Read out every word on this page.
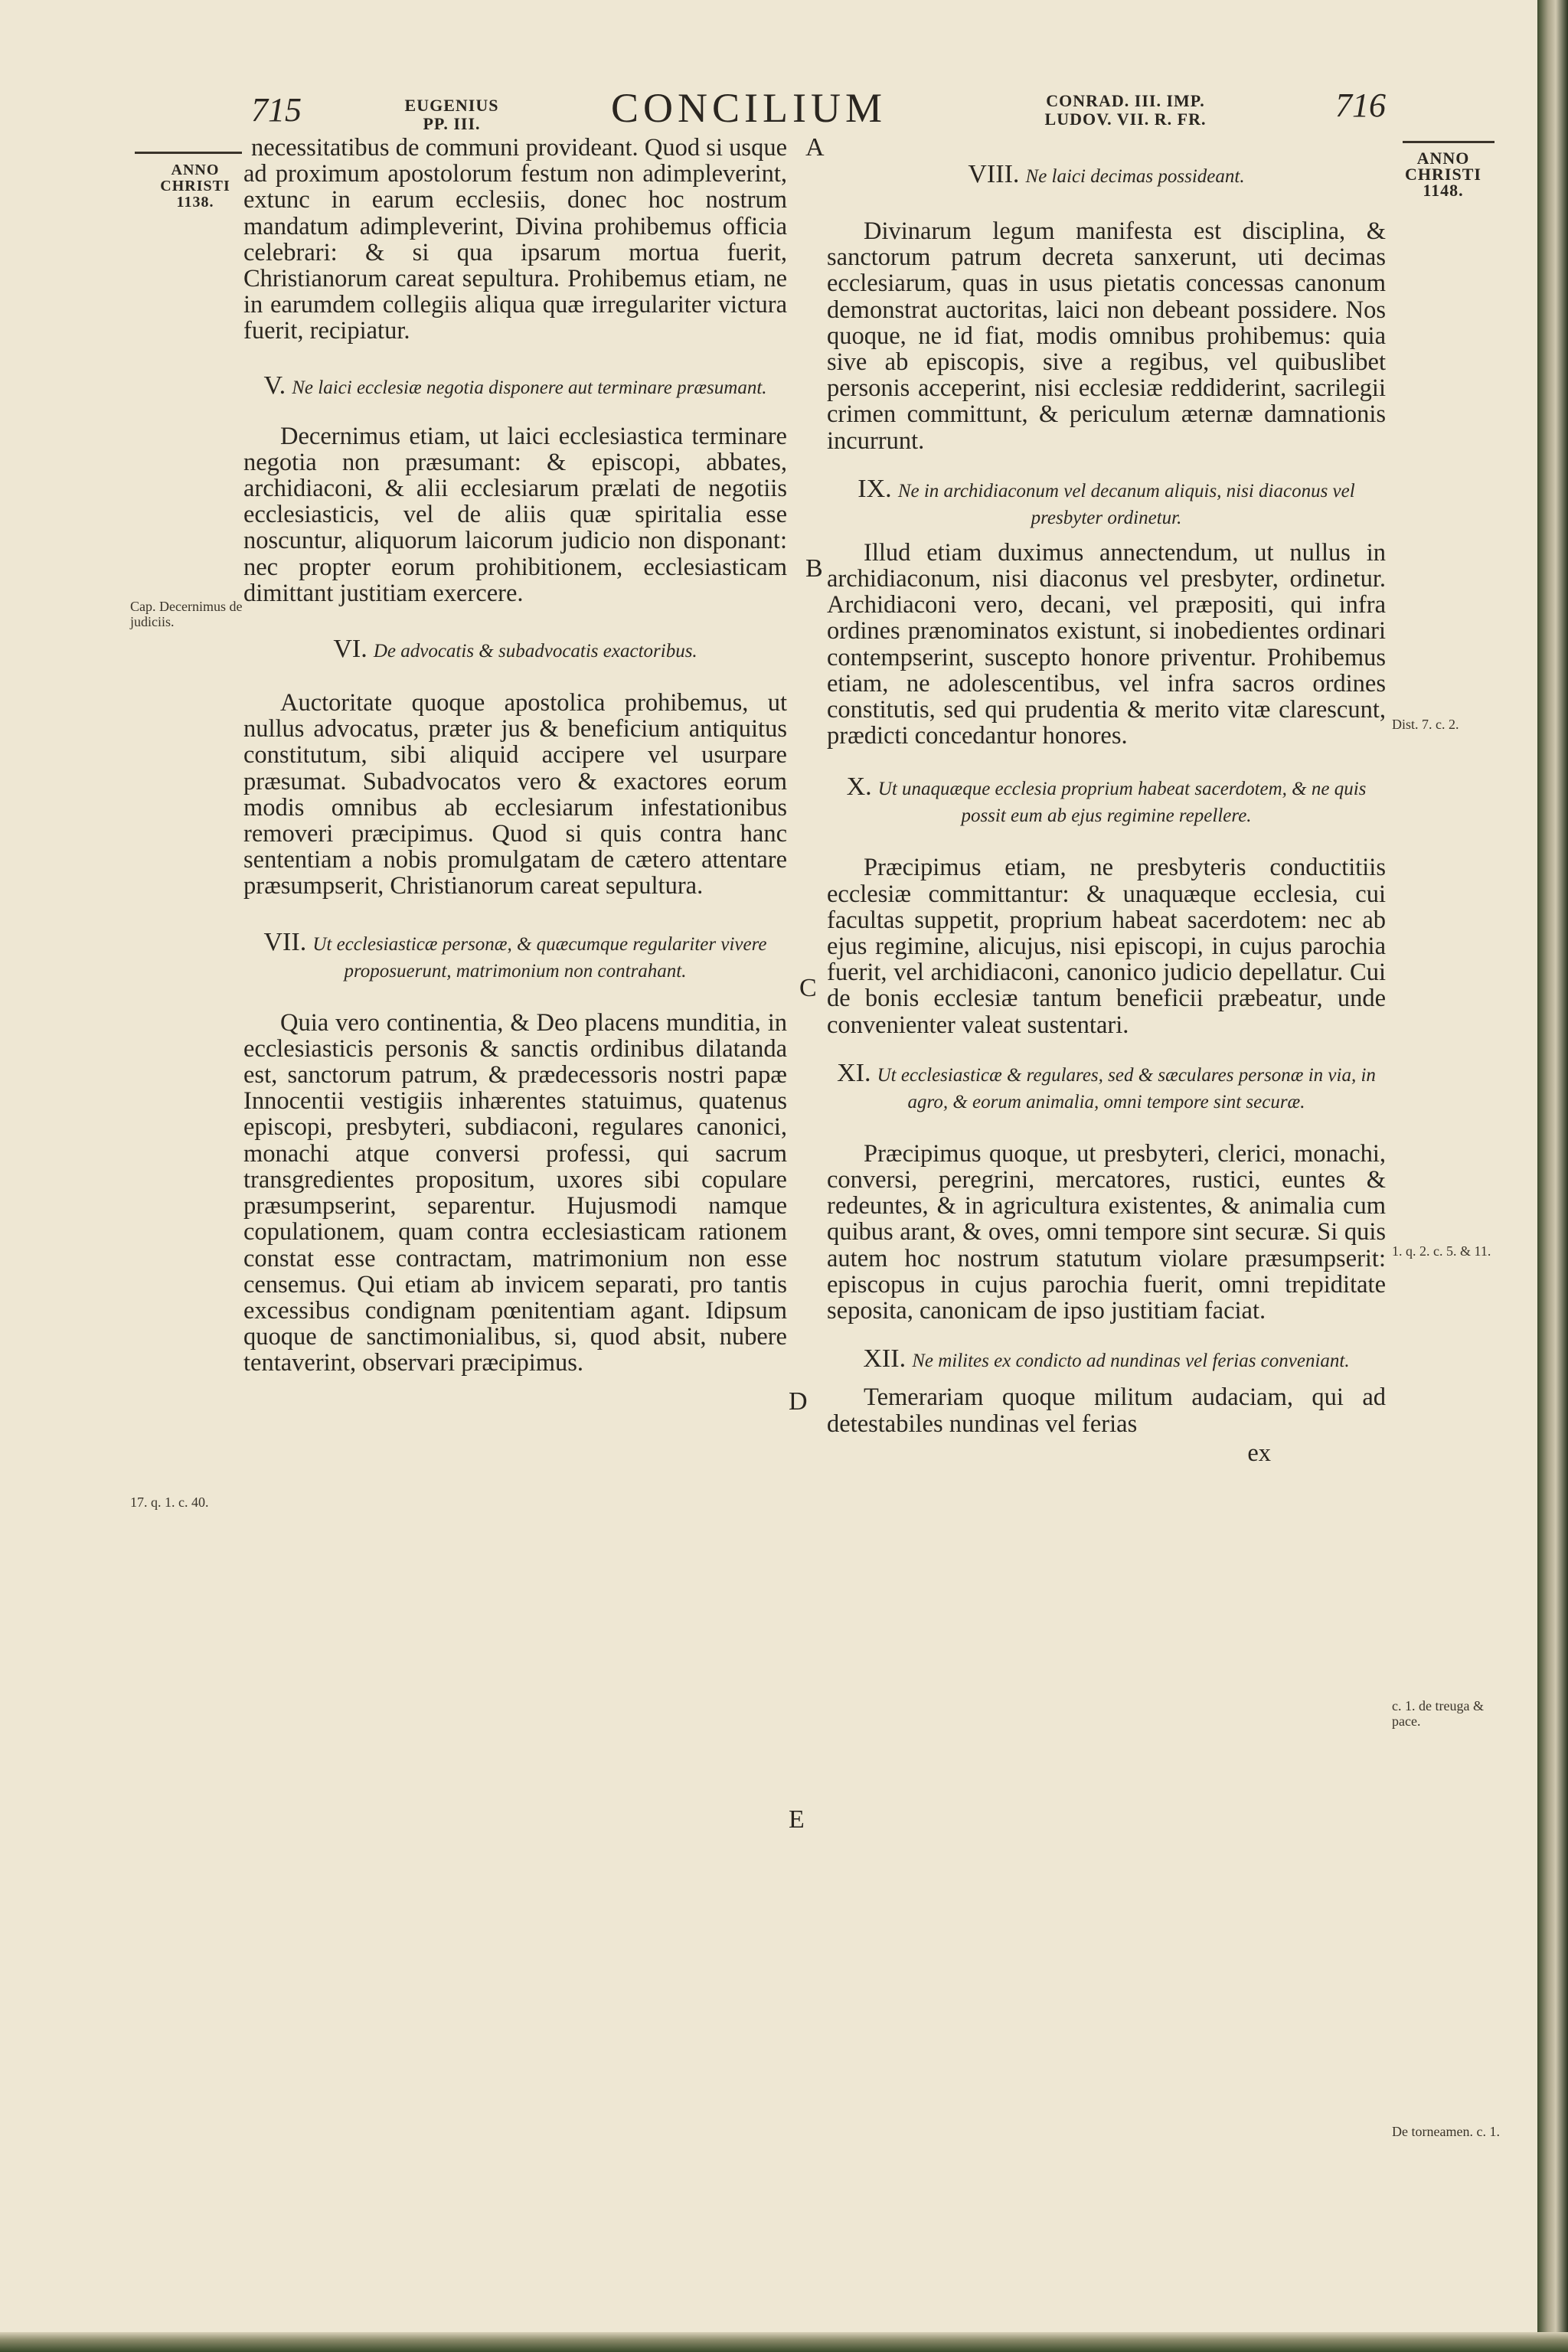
715	EUGENIUS
PP. III.	CONCILIUM	CONRAD. III. IMP.
LUDOV. VII. R. FR.	716
ANNO
CHRISTI
1138.
ANNO
CHRISTI
1148.
Cap. Decernimus de judiciis.
17. q. 1. c. 40.
Dist. 7. c. 2.
1. q. 2. c. 5. & 11.
c. 1. de treuga & pace.
De torneamen. c. 1.
A
B
C
D
E

necessitatibus de communi provideant. Quod si usque ad proximum apostolorum festum non adimpleverint, extunc in earum ecclesiis, donec hoc nostrum mandatum adimpleverint, Divina prohibemus officia celebrari: & si qua ipsarum mortua fuerit, Christianorum careat sepultura. Prohibemus etiam, ne in earumdem collegiis aliqua quæ irregulariter victura fuerit, recipiatur.

V. Ne laici ecclesiæ negotia disponere aut terminare præsumant.

Decernimus etiam, ut laici ecclesiastica terminare negotia non præsumant: & episcopi, abbates, archidiaconi, & alii ecclesiarum prælati de negotiis ecclesiasticis, vel de aliis quæ spiritalia esse noscuntur, aliquorum laicorum judicio non disponant: nec propter eorum prohibitionem, ecclesiasticam dimittant justitiam exercere.

VI. De advocatis & subadvocatis exactoribus.

Auctoritate quoque apostolica prohibemus, ut nullus advocatus, præter jus & beneficium antiquitus constitutum, sibi aliquid accipere vel usurpare præsumat. Subadvocatos vero & exactores eorum modis omnibus ab ecclesiarum infestationibus removeri præcipimus. Quod si quis contra hanc sententiam a nobis promulgatam de cætero attentare præsumpserit, Christianorum careat sepultura.

VII. Ut ecclesiasticæ personæ, & quæcumque regulariter vivere proposuerunt, matrimonium non contrahant.

Quia vero continentia, & Deo placens munditia, in ecclesiasticis personis & sanctis ordinibus dilatanda est, sanctorum patrum, & prædecessoris nostri papæ Innocentii vestigiis inhærentes statuimus, quatenus episcopi, presbyteri, subdiaconi, regulares canonici, monachi atque conversi professi, qui sacrum transgredientes propositum, uxores sibi copulare præsumpserint, separentur. Hujusmodi namque copulationem, quam contra ecclesiasticam rationem constat esse contractam, matrimonium non esse censemus. Qui etiam ab invicem separati, pro tantis excessibus condignam pœnitentiam agant. Idipsum quoque de sanctimonialibus, si, quod absit, nubere tentaverint, observari præcipimus.

VIII. Ne laici decimas possideant.

Divinarum legum manifesta est disciplina, & sanctorum patrum decreta sanxerunt, uti decimas ecclesiarum, quas in usus pietatis concessas canonum demonstrat auctoritas, laici non debeant possidere. Nos quoque, ne id fiat, modis omnibus prohibemus: quia sive ab episcopis, sive a regibus, vel quibuslibet personis acceperint, nisi ecclesiæ reddiderint, sacrilegii crimen committunt, & periculum æternæ damnationis incurrunt.

IX. Ne in archidiaconum vel decanum aliquis, nisi diaconus vel presbyter ordinetur.

Illud etiam duximus annectendum, ut nullus in archidiaconum, nisi diaconus vel presbyter, ordinetur. Archidiaconi vero, decani, vel præpositi, qui infra ordines prænominatos existunt, si inobedientes ordinari contempserint, suscepto honore priventur. Prohibemus etiam, ne adolescentibus, vel infra sacros ordines constitutis, sed qui prudentia & merito vitæ clarescunt, prædicti concedantur honores.

X. Ut unaquæque ecclesia proprium habeat sacerdotem, & ne quis possit eum ab ejus regimine repellere.

Præcipimus etiam, ne presbyteris conductitiis ecclesiæ committantur: & unaquæque ecclesia, cui facultas suppetit, proprium habeat sacerdotem: nec ab ejus regimine, alicujus, nisi episcopi, in cujus parochia fuerit, vel archidiaconi, canonico judicio depellatur. Cui de bonis ecclesiæ tantum beneficii præbeatur, unde convenienter valeat sustentari.

XI. Ut ecclesiasticæ & regulares, sed & sæculares personæ in via, in agro, & eorum animalia, omni tempore sint securæ.

Præcipimus quoque, ut presbyteri, clerici, monachi, conversi, peregrini, mercatores, rustici, euntes & redeuntes, & in agricultura existentes, & animalia cum quibus arant, & oves, omni tempore sint securæ. Si quis autem hoc nostrum statutum violare præsumpserit: episcopus in cujus parochia fuerit, omni trepiditate seposita, canonicam de ipso justitiam faciat.

XII. Ne milites ex condicto ad nundinas vel ferias conveniant.

Temerariam quoque militum audaciam, qui ad detestabiles nundinas vel ferias

ex
